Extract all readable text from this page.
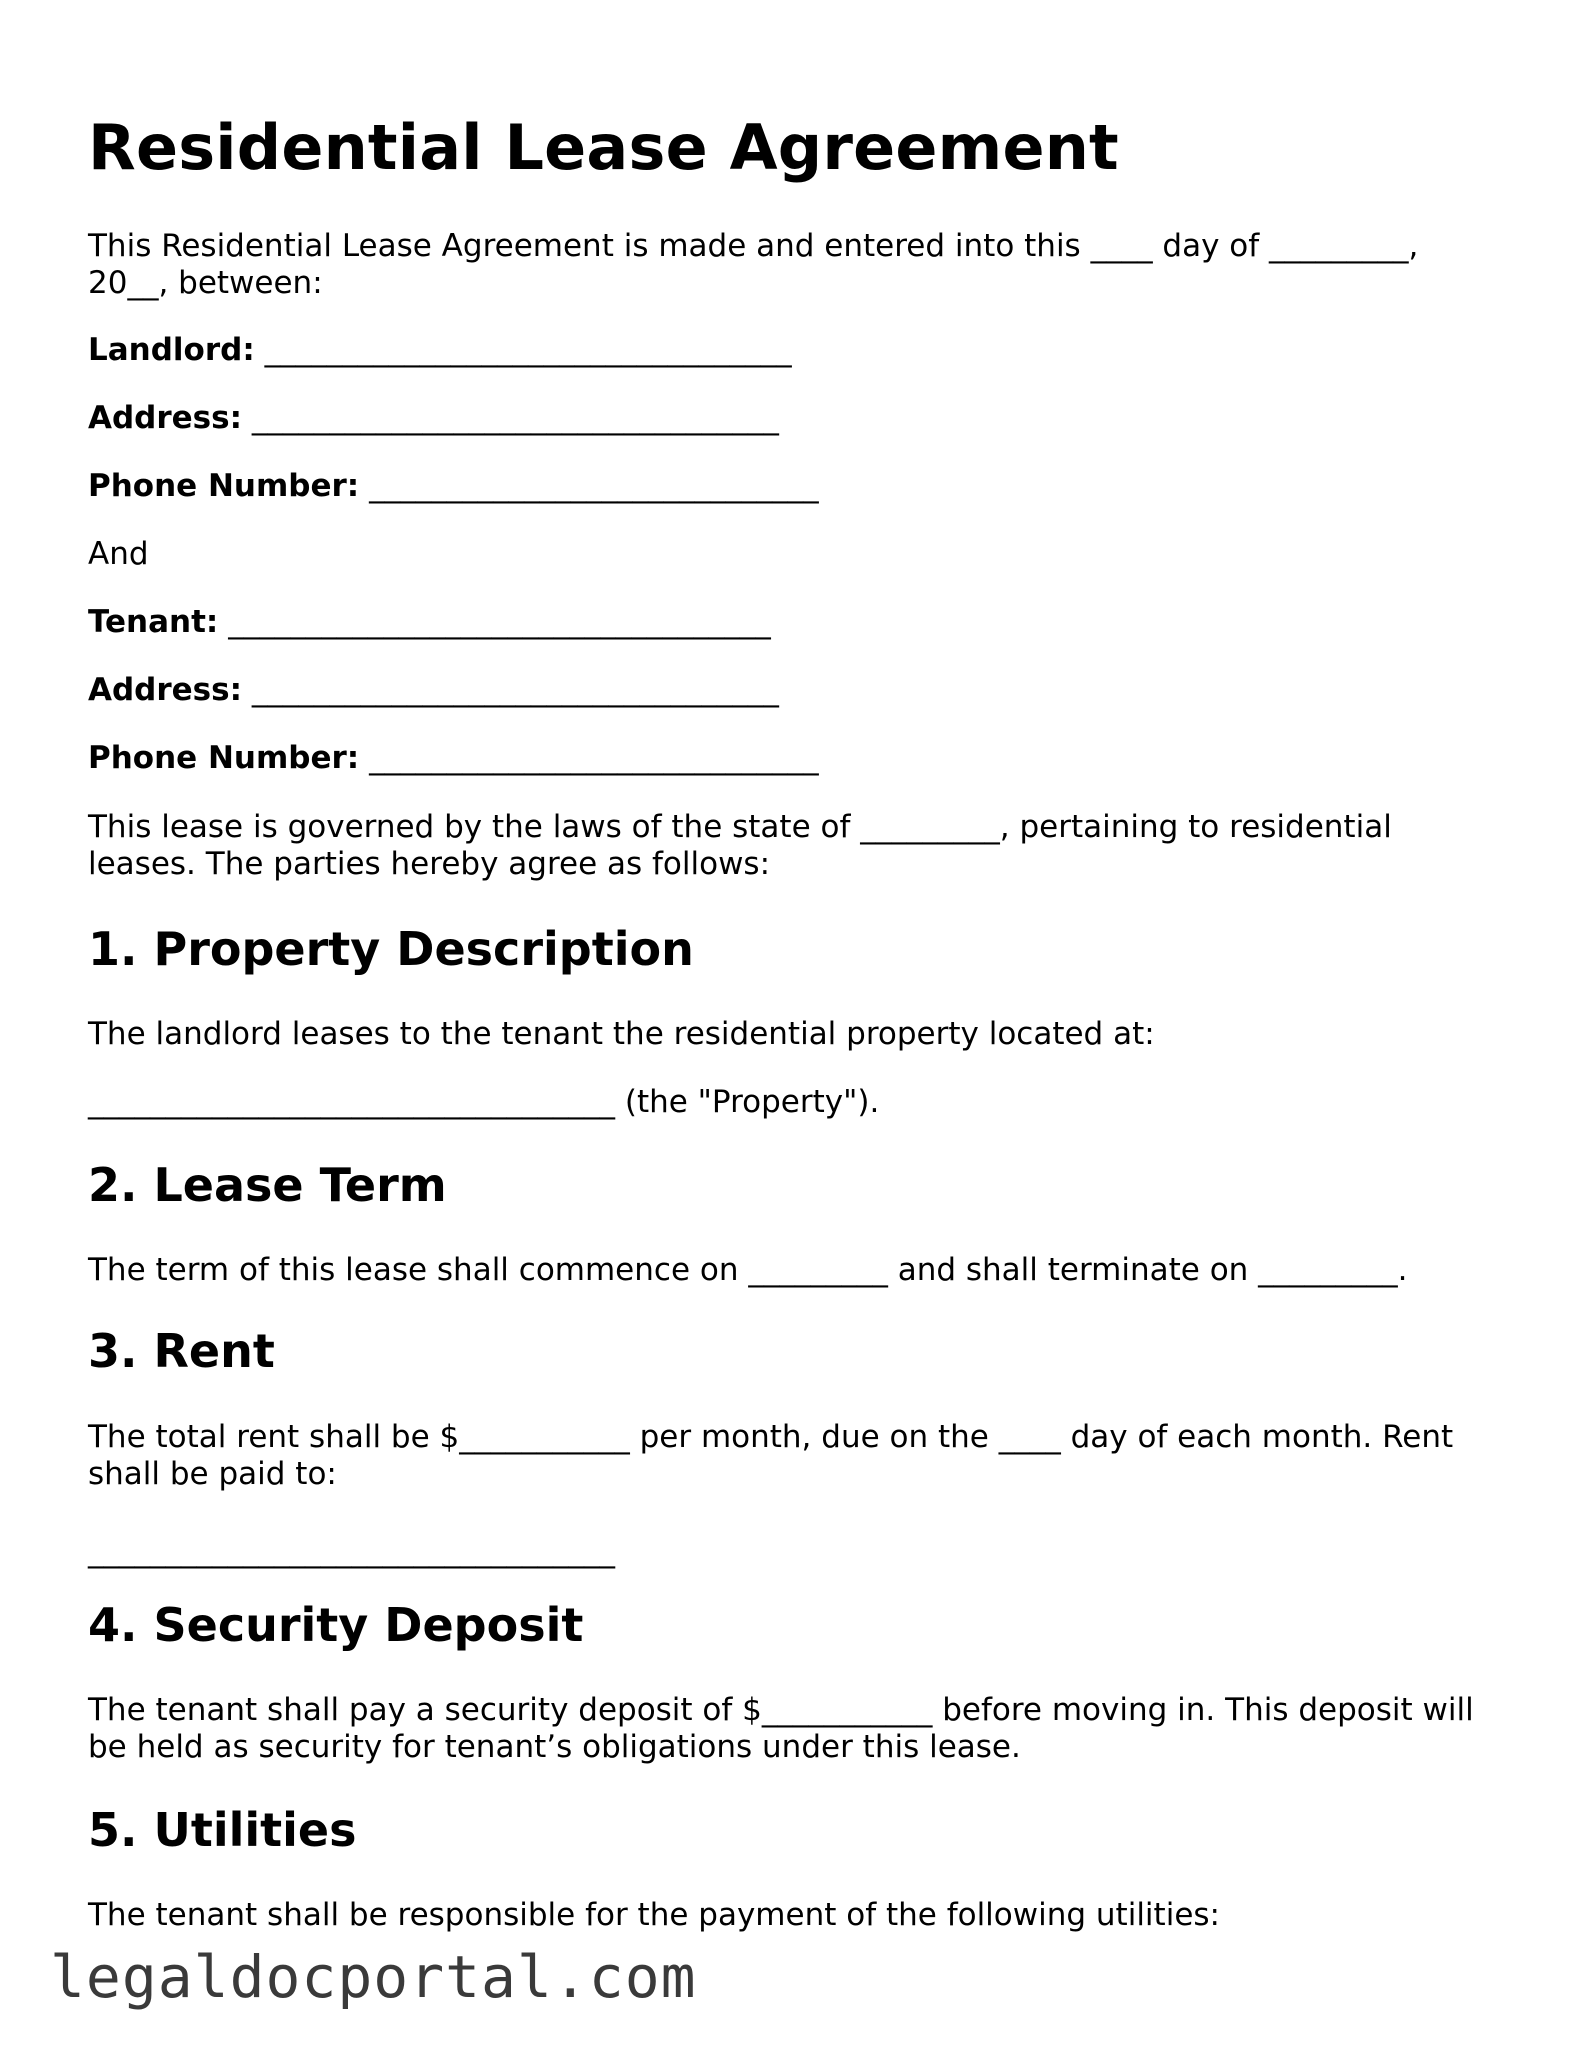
Residential Lease Agreement

This Residential Lease Agreement is made and entered into this ____ day of _________,

20__, between:

Landlord: __________________________________
Address: __________________________________
Phone Number: _____________________________

And

Tenant: ___________________________________
Address: __________________________________
Phone Number: _____________________________

This lease is governed by the laws of the state of _________, pertaining to residential

leases. The parties hereby agree as follows:

1. Property Description

The landlord leases to the tenant the residential property located at:

__________________________________ (the "Property").

2. Lease Term

The term of this lease shall commence on _________ and shall terminate on _________.

3. Rent

The total rent shall be $___________ per month, due on the ____ day of each month. Rent

shall be paid to:

__________________________________

4. Security Deposit

The tenant shall pay a security deposit of $___________ before moving in. This deposit will

be held as security for tenant’s obligations under this lease.

5. Utilities

The tenant shall be responsible for the payment of the following utilities:

legaldocportal.com
